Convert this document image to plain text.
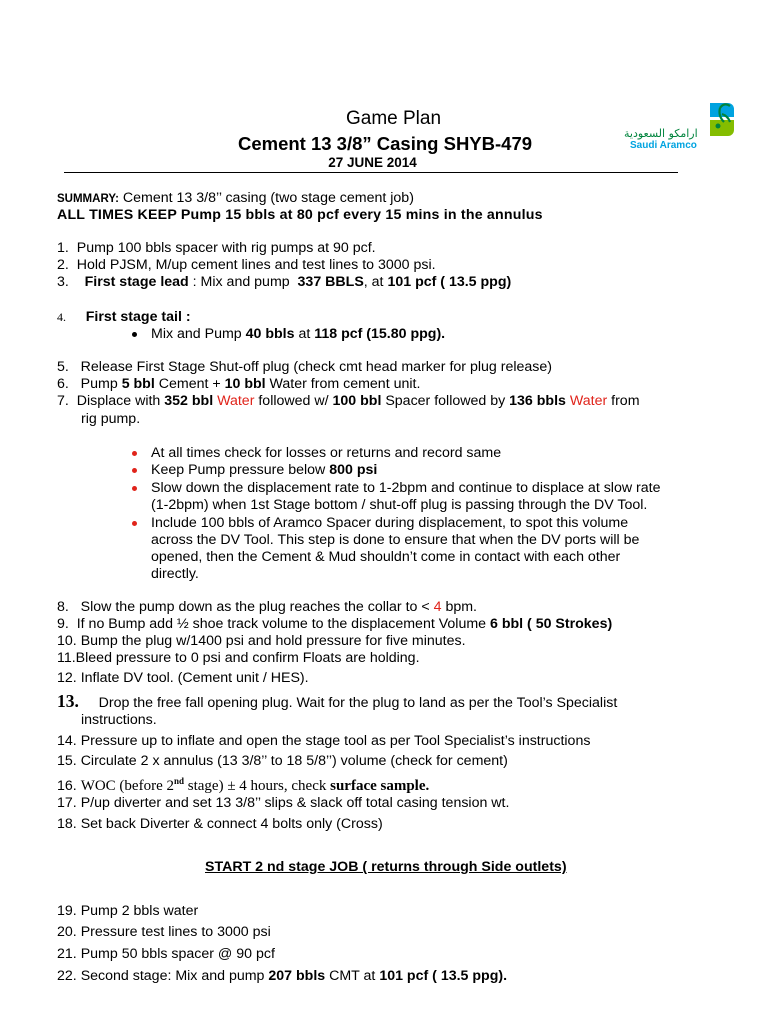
Game Plan
Cement 13 3/8” Casing SHYB-479
27 JUNE 2014
ارامكو السعودية
Saudi Aramco
SUMMARY: Cement 13 3/8’’ casing (two stage cement job)
ALL TIMES KEEP Pump 15 bbls at 80 pcf every 15 mins in the annulus
1. Pump 100 bbls spacer with rig pumps at 90 pcf.
2. Hold PJSM, M/up cement lines and test lines to 3000 psi.
3. First stage lead : Mix and pump  337 BBLS, at 101 pcf ( 13.5 ppg)
4. First stage tail :
Mix and Pump 40 bbls at 118 pcf (15.80 ppg).
5. Release First Stage Shut-off plug (check cmt head marker for plug release)
6.   Pump 5 bbl Cement + 10 bbl Water from cement unit.
7. Displace with 352 bbl Water followed w/ 100 bbl Spacer followed by 136 bbls Water from
rig pump.
At all times check for losses or returns and record same
Keep Pump pressure below 800 psi
Slow down the displacement rate to 1-2bpm and continue to displace at slow rate
(1-2bpm) when 1st Stage bottom / shut-off plug is passing through the DV Tool.
Include 100 bbls of Aramco Spacer during displacement, to spot this volume
across the DV Tool. This step is done to ensure that when the DV ports will be
opened, then the Cement & Mud shouldn’t come in contact with each other
directly.
8. Slow the pump down as the plug reaches the collar to < 4 bpm.
9. If no Bump add ½ shoe track volume to the displacement Volume 6 bbl ( 50 Strokes)
10. Bump the plug w/1400 psi and hold pressure for five minutes.
11.Bleed pressure to 0 psi and confirm Floats are holding.
12. Inflate DV tool. (Cement unit / HES).
13. Drop the free fall opening plug. Wait for the plug to land as per the Tool’s Specialist
instructions.
14. Pressure up to inflate and open the stage tool as per Tool Specialist’s instructions
15. Circulate 2 x annulus (13 3/8’’ to 18 5/8’’) volume (check for cement)
16. WOC (before 2nd stage) ± 4 hours, check surface sample.
17. P/up diverter and set 13 3/8’’ slips & slack off total casing tension wt.
18. Set back Diverter & connect 4 bolts only (Cross)
START 2 nd stage JOB ( returns through Side outlets)
19. Pump 2 bbls water
20. Pressure test lines to 3000 psi
21. Pump 50 bbls spacer @ 90 pcf
22. Second stage: Mix and pump 207 bbls CMT at 101 pcf ( 13.5 ppg).
